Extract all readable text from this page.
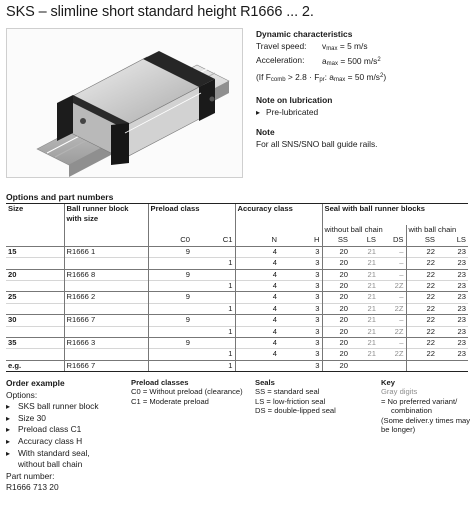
SKS – slimline short standard height R1666 ... 2.
Dynamic characteristics
Travel speed:	$v_{max} = 5$ m/s
Acceleration:	$a_{max} = 500$ $m/s^2$
(If $F_{comb} > 2.8 \cdot F_{pr}$: $a_{max} = 50$ $m/s^2$)
Note on lubrication
▸ Pre-lubricated
Note
For all SNS/SNO ball guide rails.
Options and part numbers
Size	Ball runner block
with size	Preload class		Accuracy class		Seal with ball runner blocks				
						without ball chain			with ball chain	
		C0	C1	N	H	SS	LS	DS	SS	LS
15	R1666 1	9		4	3	20	21	–	22	23
			1	4	3	20	21	–	22	23
20	R1666 8	9		4	3	20	21	–	22	23
			1	4	3	20	21	2Z	22	23
25	R1666 2	9		4	3	20	21	–	22	23
			1	4	3	20	21	2Z	22	23
30	R1666 7	9		4	3	20	21	–	22	23
			1	4	3	20	21	2Z	22	23
35	R1666 3	9		4	3	20	21	–	22	23
			1	4	3	20	21	2Z	22	23
e.g.	R1666 7		1		3	20				
Order example
Options:
▸ SKS ball runner block
▸ Size 30
▸ Preload class C1
▸ Accuracy class H
▸ With standard seal,
without ball chain
Part number:
R1666 713 20
Preload classes
C0 = Without preload (clearance)
C1 = Moderate preload
Seals
SS = standard seal
LS = low-friction seal
DS = double-lipped seal
Key
Gray digits
= No preferred variant/
combination
(Some deliver.y times may
be longer)
